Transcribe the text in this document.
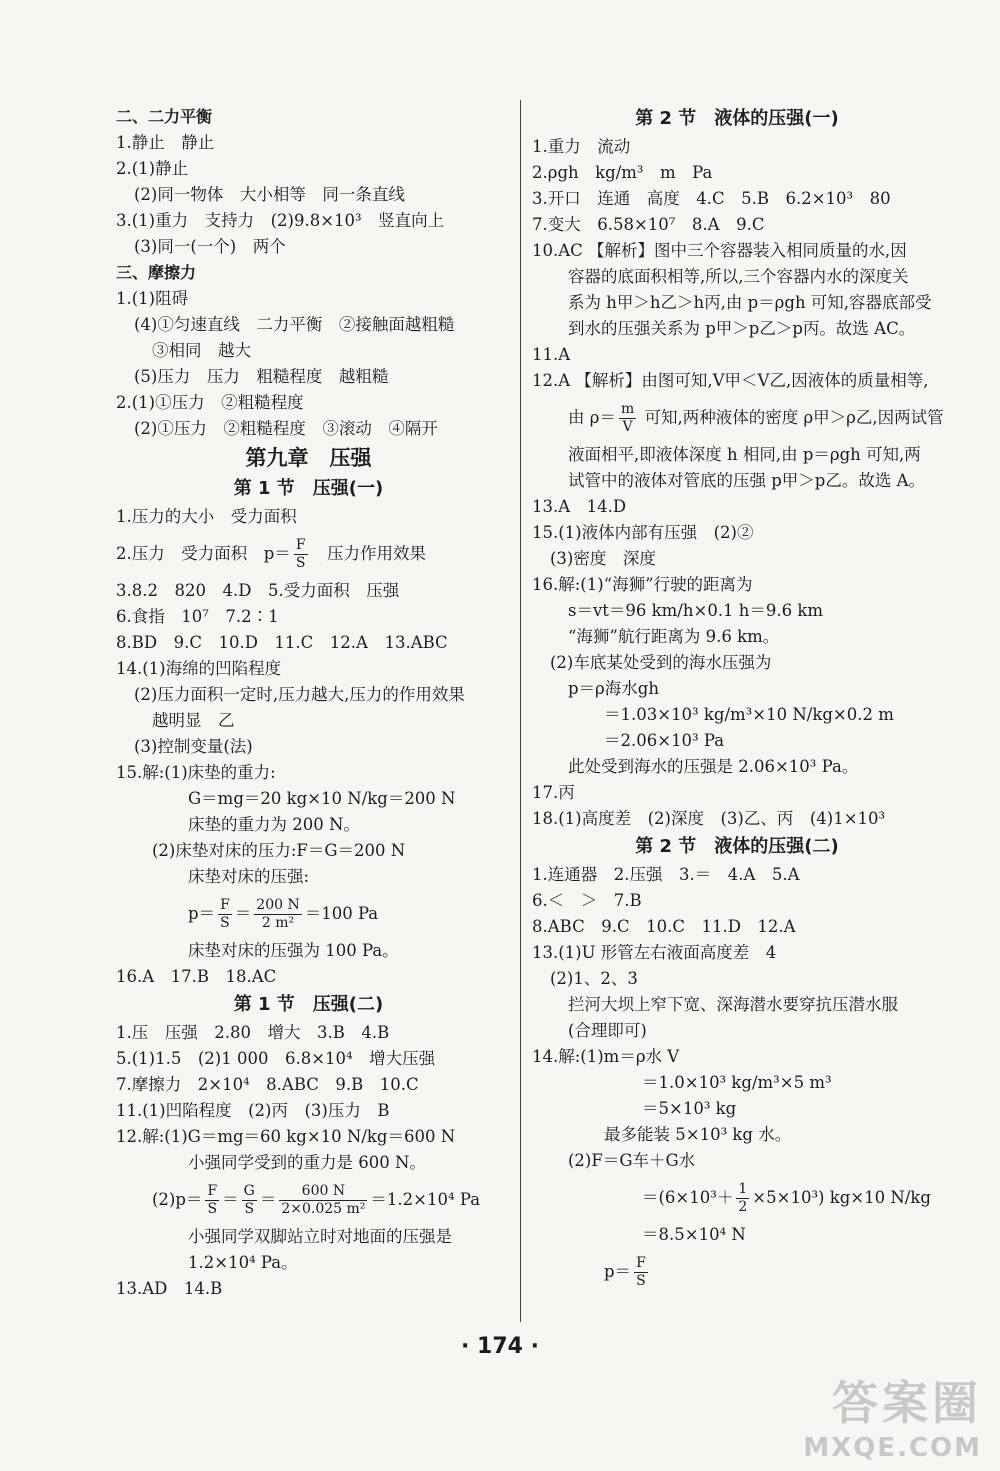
二、二力平衡
1.静止　静止
2.(1)静止
(2)同一物体　大小相等　同一条直线
3.(1)重力　支持力　(2)9.8×10³　竖直向上
(3)同一(一个)　两个
三、摩擦力
1.(1)阻碍
(4)①匀速直线　二力平衡　②接触面越粗糙
③相同　越大
(5)压力　压力　粗糙程度　越粗糙
2.(1)①压力　②粗糙程度
(2)①压力　②粗糙程度　③滚动　④隔开
第九章　压强
第 1 节　压强(一)
1.压力的大小　受力面积
2.压力　受力面积　$p= \frac{F}{S}$ 　压力作用效果
3.8.2　820　4.D　5.受力面积　压强
6.食指　10⁷　7.2∶1
8.BD　9.C　10.D　11.C　12.A　13.ABC
14.(1)海绵的凹陷程度
(2)压力面积一定时,压力越大,压力的作用效果
越明显　乙
(3)控制变量(法)
15.解:(1)床垫的重力:
G＝mg＝20 kg×10 N/kg＝200 N
床垫的重力为 200 N。
(2)床垫对床的压力:F＝G＝200 N
床垫对床的压强:
$p= \frac{F}{S} = \frac{200 N}{\text{2 m²}} =100$ Pa
床垫对床的压强为 100 Pa。
16.A　17.B　18.AC
第 1 节　压强(二)
1.压　压强　2.80　增大　3.B　4.B
5.(1)1.5　(2)1 000　6.8×10⁴　增大压强
7.摩擦力　2×10⁴　8.ABC　9.B　10.C
11.(1)凹陷程度　(2)丙　(3)压力　B
12.解:(1)G＝mg＝60 kg×10 N/kg＝600 N
小强同学受到的重力是 600 N。
$(2)p= \frac{F}{S} = \frac{G}{S} = \frac{600 N}{\text{2×0.025 m²}} =1.2\times 10^4$ Pa
小强同学双脚站立时对地面的压强是
1.2×10⁴ Pa。
13.AD　14.B
第 2 节　液体的压强(一)
1.重力　流动
2.ρgh　kg/m³　m　Pa
3.开口　连通　高度　4.C　5.B　6.2×10³　80
7.变大　6.58×10⁷　8.A　9.C
10.AC 【解析】图中三个容器装入相同质量的水,因
容器的底面积相等,所以,三个容器内水的深度关
系为 h甲＞h乙＞h丙,由 p＝ρgh 可知,容器底部受
到水的压强关系为 p甲＞p乙＞p丙。故选 AC。
11.A
12.A 【解析】由图可知,V甲＜V乙,因液体的质量相等,
由 $\rho= \frac{m}{V}$ 可知,两种液体的密度 ρ甲＞ρ乙,因两试管
液面相平,即液体深度 h 相同,由 p＝ρgh 可知,两
试管中的液体对管底的压强 p甲＞p乙。故选 A。
13.A　14.D
15.(1)液体内部有压强　(2)②
(3)密度　深度
16.解:(1)“海狮”行驶的距离为
s＝vt＝96 km/h×0.1 h＝9.6 km
“海狮”航行距离为 9.6 km。
(2)车底某处受到的海水压强为
p＝ρ海水gh
＝1.03×10³ kg/m³×10 N/kg×0.2 m
＝2.06×10³ Pa
此处受到海水的压强是 2.06×10³ Pa。
17.丙
18.(1)高度差　(2)深度　(3)乙、丙　(4)1×10³
第 2 节　液体的压强(二)
1.连通器　2.压强　3.＝　4.A　5.A
6.＜　＞　7.B
8.ABC　9.C　10.C　11.D　12.A
13.(1)U 形管左右液面高度差　4
(2)1、2、3
拦河大坝上窄下宽、深海潜水要穿抗压潜水服
(合理即可)
14.解:(1)m＝ρ水 V
＝1.0×10³ kg/m³×5 m³
＝5×10³ kg
最多能装 5×10³ kg 水。
(2)F＝G车＋G水
$=(6\times 10^3+ \frac{1}{2} \times 5\times 10^3)$ kg×10 N/kg
＝8.5×10⁴ N
$p= \frac{F}{S}$
· 174 ·
答案圈
MXQE.COM
